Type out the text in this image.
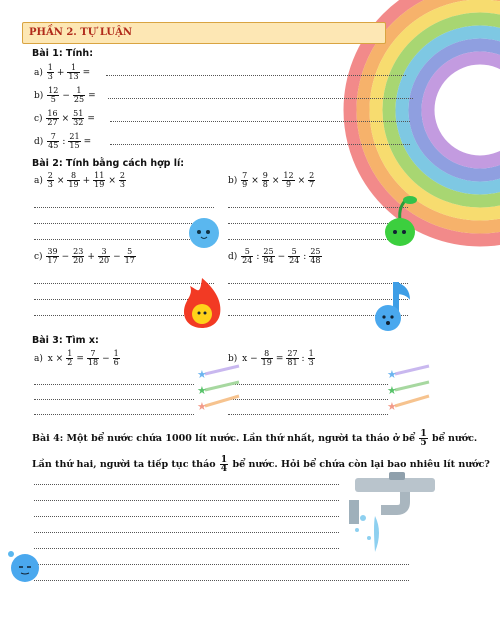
PHẦN 2. TỰ LUẬN
Bài 1: Tính:
$a) \frac{1}{3} + \frac{1}{13}$ =
$b) \frac{12}{5} - \frac{1}{25}$ =
$c) \frac{16}{27} \times \frac{51}{32}$ =
$d) \frac{7}{45}$ : $\frac{21}{15}$ =
Bài 2: Tính bằng cách hợp lí:
$a) \frac{2}{3} \times \frac{8}{19} + \frac{11}{19} \times \frac{2}{3}$	$b) \frac{7}{9} \times \frac{9}{8} \times \frac{12}{9} \times \frac{2}{7}$
$c) \frac{39}{17} - \frac{23}{20} + \frac{3}{20} - \frac{5}{17}$	$d) \frac{5}{24}$ : $\frac{25}{94} - \frac{5}{24}$ : $\frac{25}{48}$
Bài 3: Tìm x:
a) $x \times \frac{1}{2} = \frac{7}{18} - \frac{1}{6}$	b) $x - \frac{8}{19} = \frac{27}{81}$ : $\frac{1}{3}$
Bài 4: Một bể nước chứa 1000 lít nước. Lần thứ nhất, người ta tháo ở bể $\frac{1}{5}$ bể nước.
Lần thứ hai, người ta tiếp tục tháo $\frac{1}{4}$ bể nước. Hỏi bể chứa còn lại bao nhiêu lít nước?
★
★
★
★
★
★
